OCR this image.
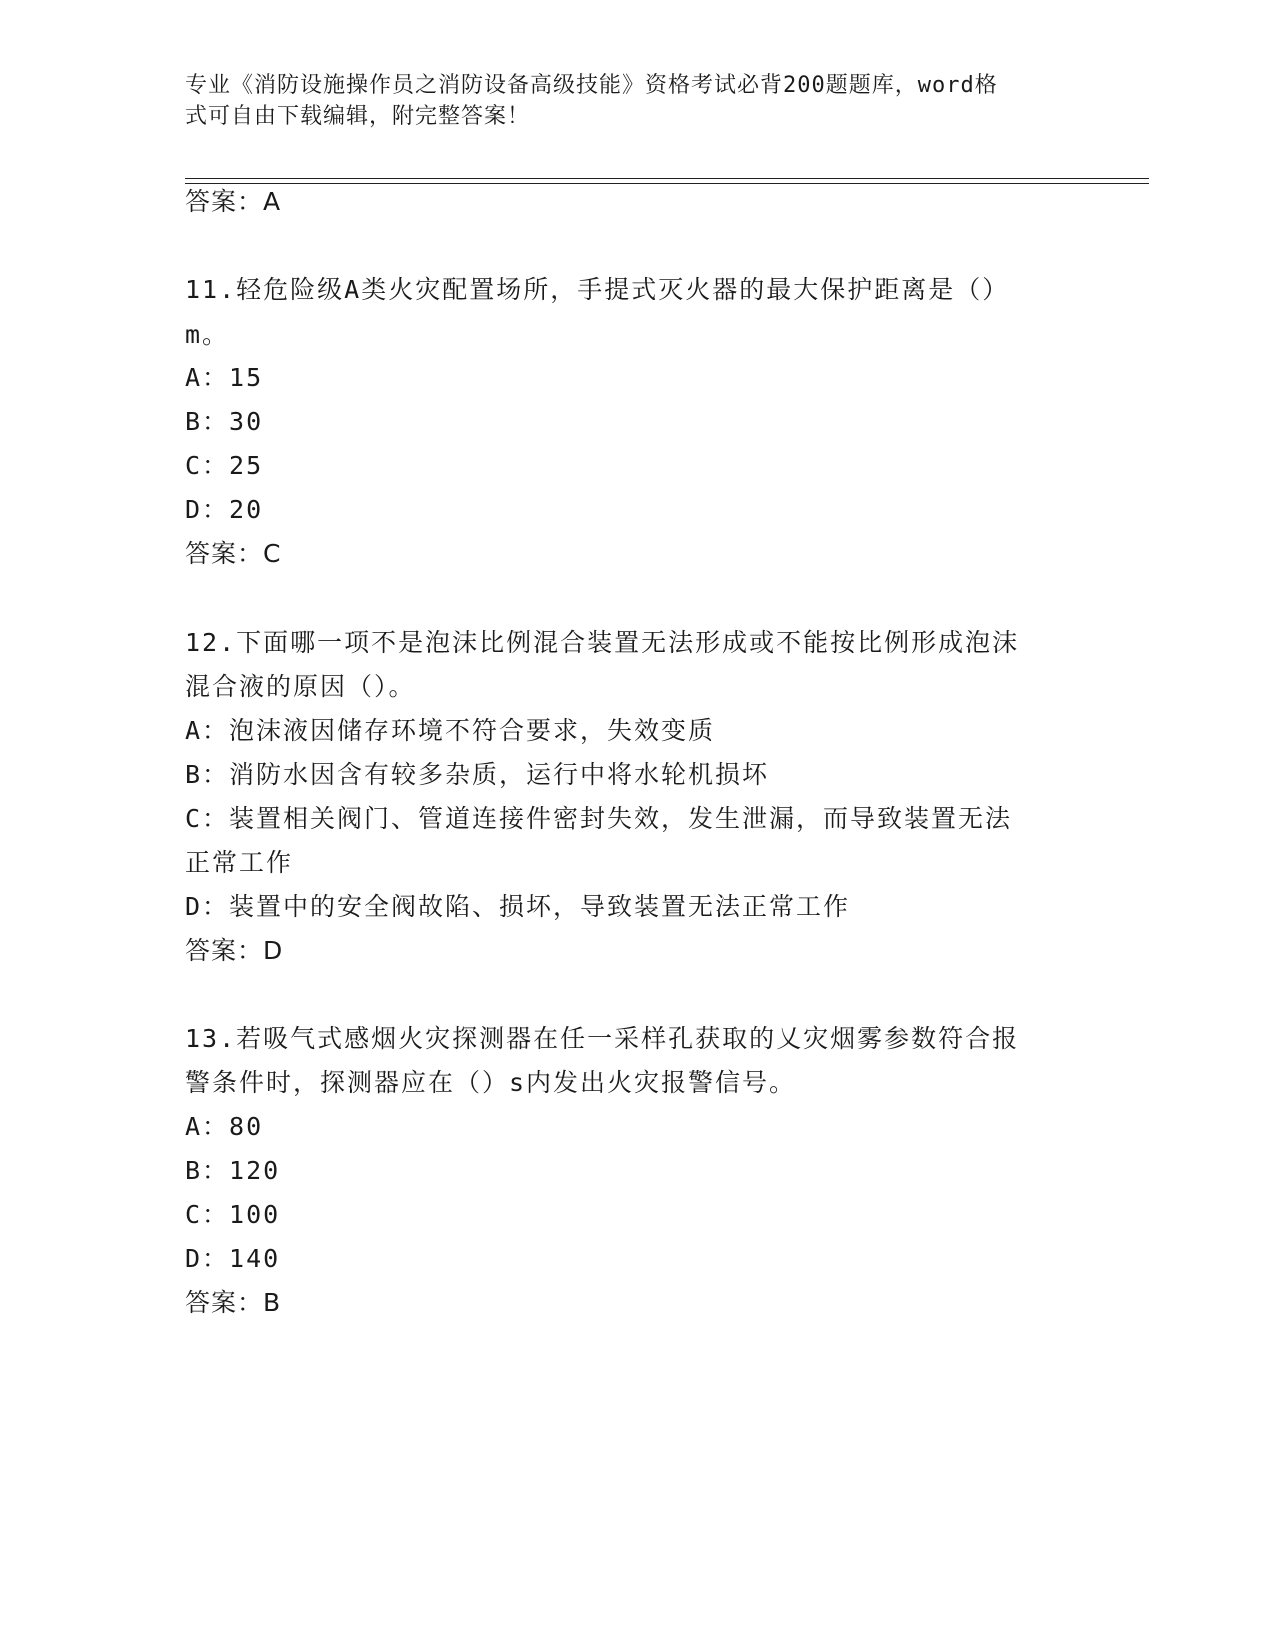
专业《消防设施操作员之消防设备高级技能》资格考试必背200题题库，word格
式可自由下载编辑，附完整答案！
答案：A
11.轻危险级A类火灾配置场所，手提式灭火器的最大保护距离是（）
m。
A：15
B：30
C：25
D：20
答案：C
12.下面哪一项不是泡沫比例混合装置无法形成或不能按比例形成泡沫
混合液的原因（）。
A：泡沫液因储存环境不符合要求，失效变质
B：消防水因含有较多杂质，运行中将水轮机损坏
C：装置相关阀门、管道连接件密封失效，发生泄漏，而导致装置无法
正常工作
D：装置中的安全阀故陷、损坏，导致装置无法正常工作
答案：D
13.若吸气式感烟火灾探测器在任一采样孔获取的乂灾烟雾参数符合报
警条件时，探测器应在（）s内发出火灾报警信号。
A：80
B：120
C：100
D：140
答案：B
